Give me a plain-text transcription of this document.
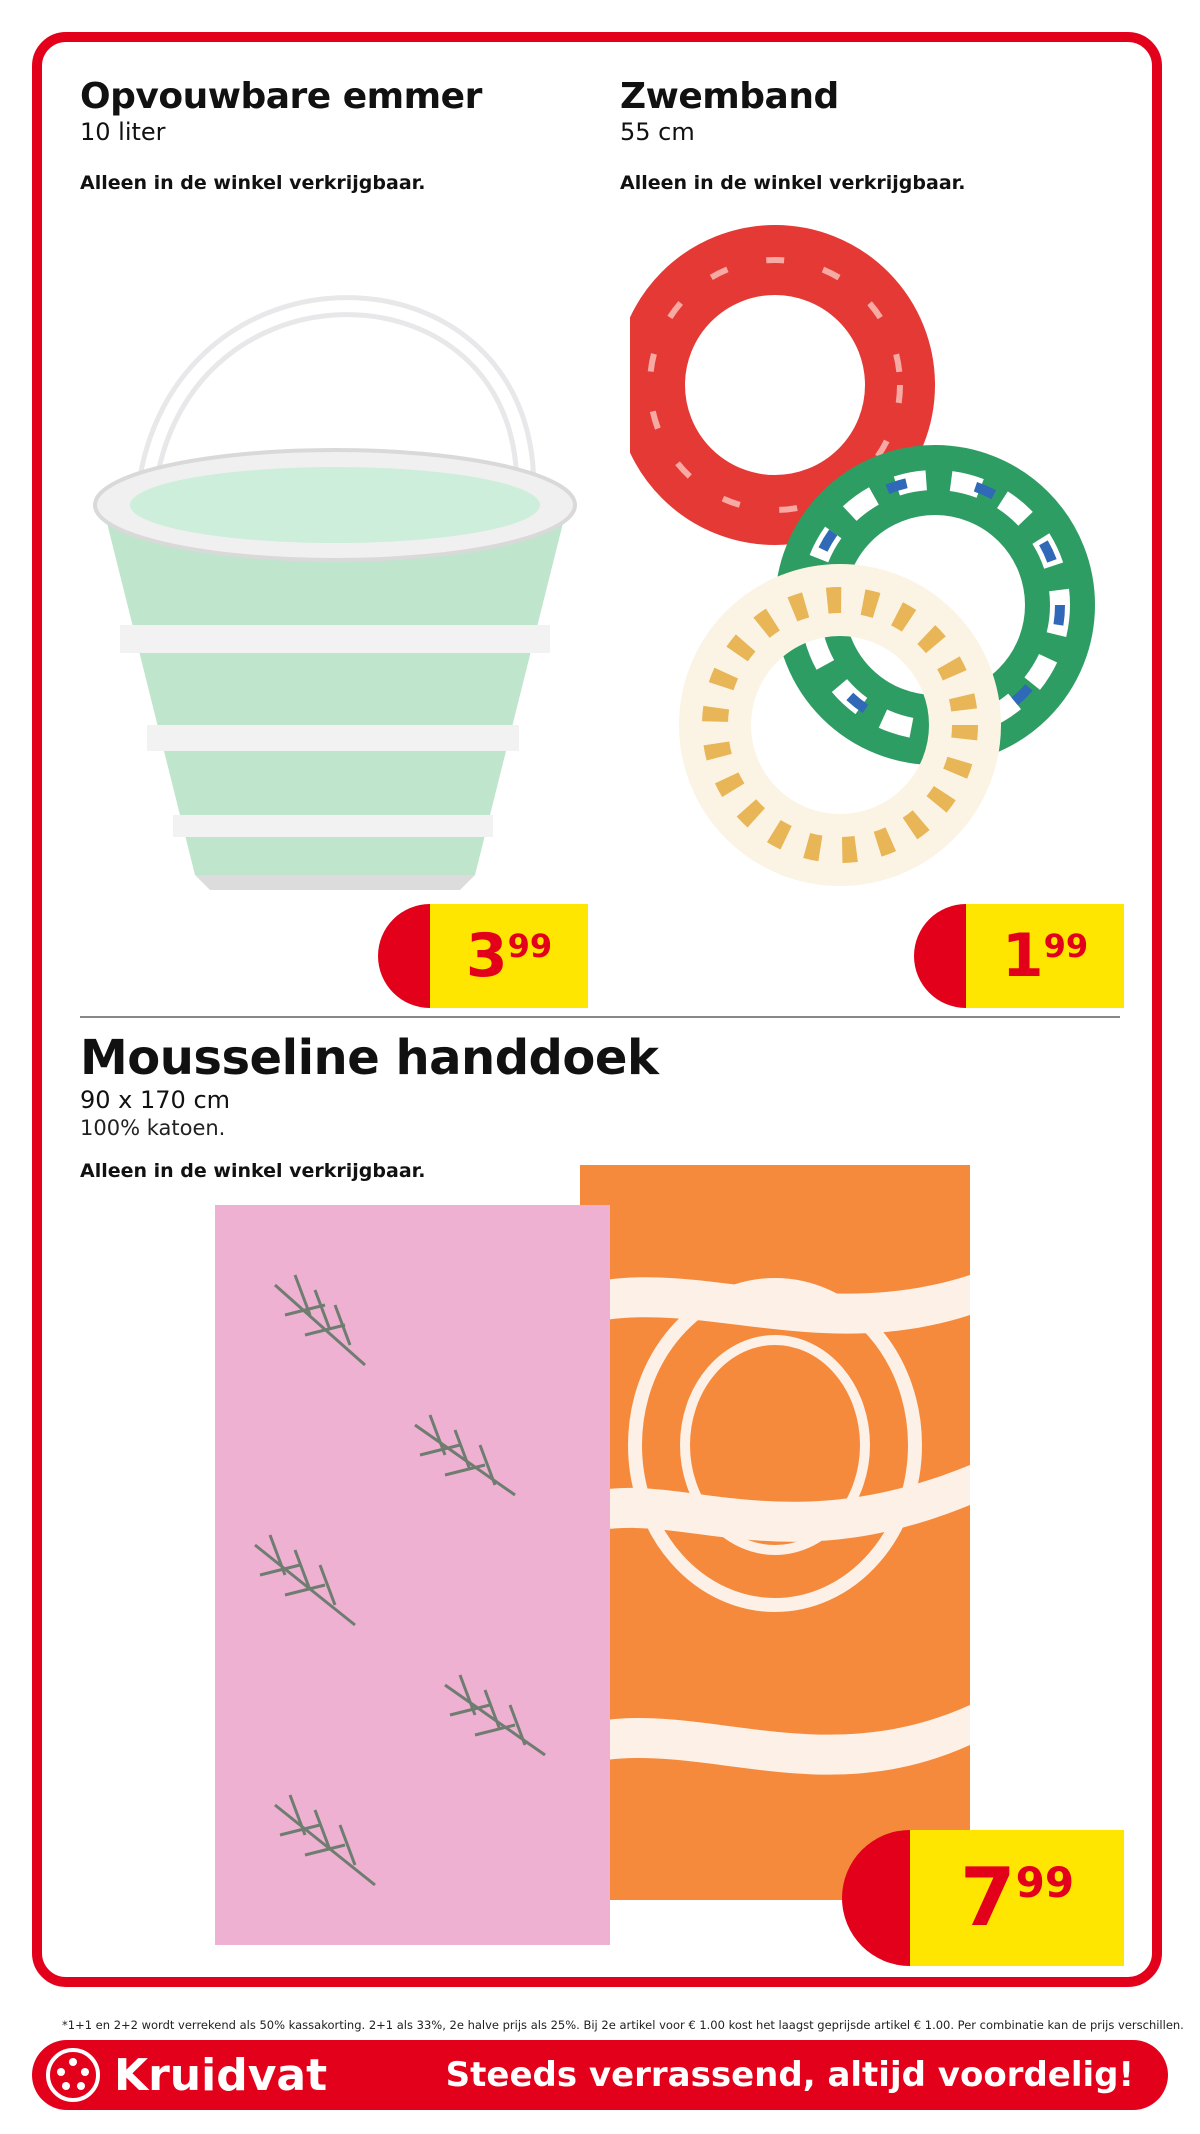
Opvouwbare emmer
10 liter
Alleen in de winkel verkrijgbaar.
$3^{99}$
Zwemband
55 cm
Alleen in de winkel verkrijgbaar.
$1^{99}$
Mousseline handdoek
90 x 170 cm
100% katoen.
Alleen in de winkel verkrijgbaar.
$7^{99}$
*1+1 en 2+2 wordt verrekend als 50% kassakorting. 2+1 als 33%, 2e halve prijs als 25%. Bij 2e artikel voor € 1.00 kost het laagst geprijsde artikel € 1.00. Per combinatie kan de prijs verschillen.
Kruidvat	Steeds verrassend, altijd voordelig!
